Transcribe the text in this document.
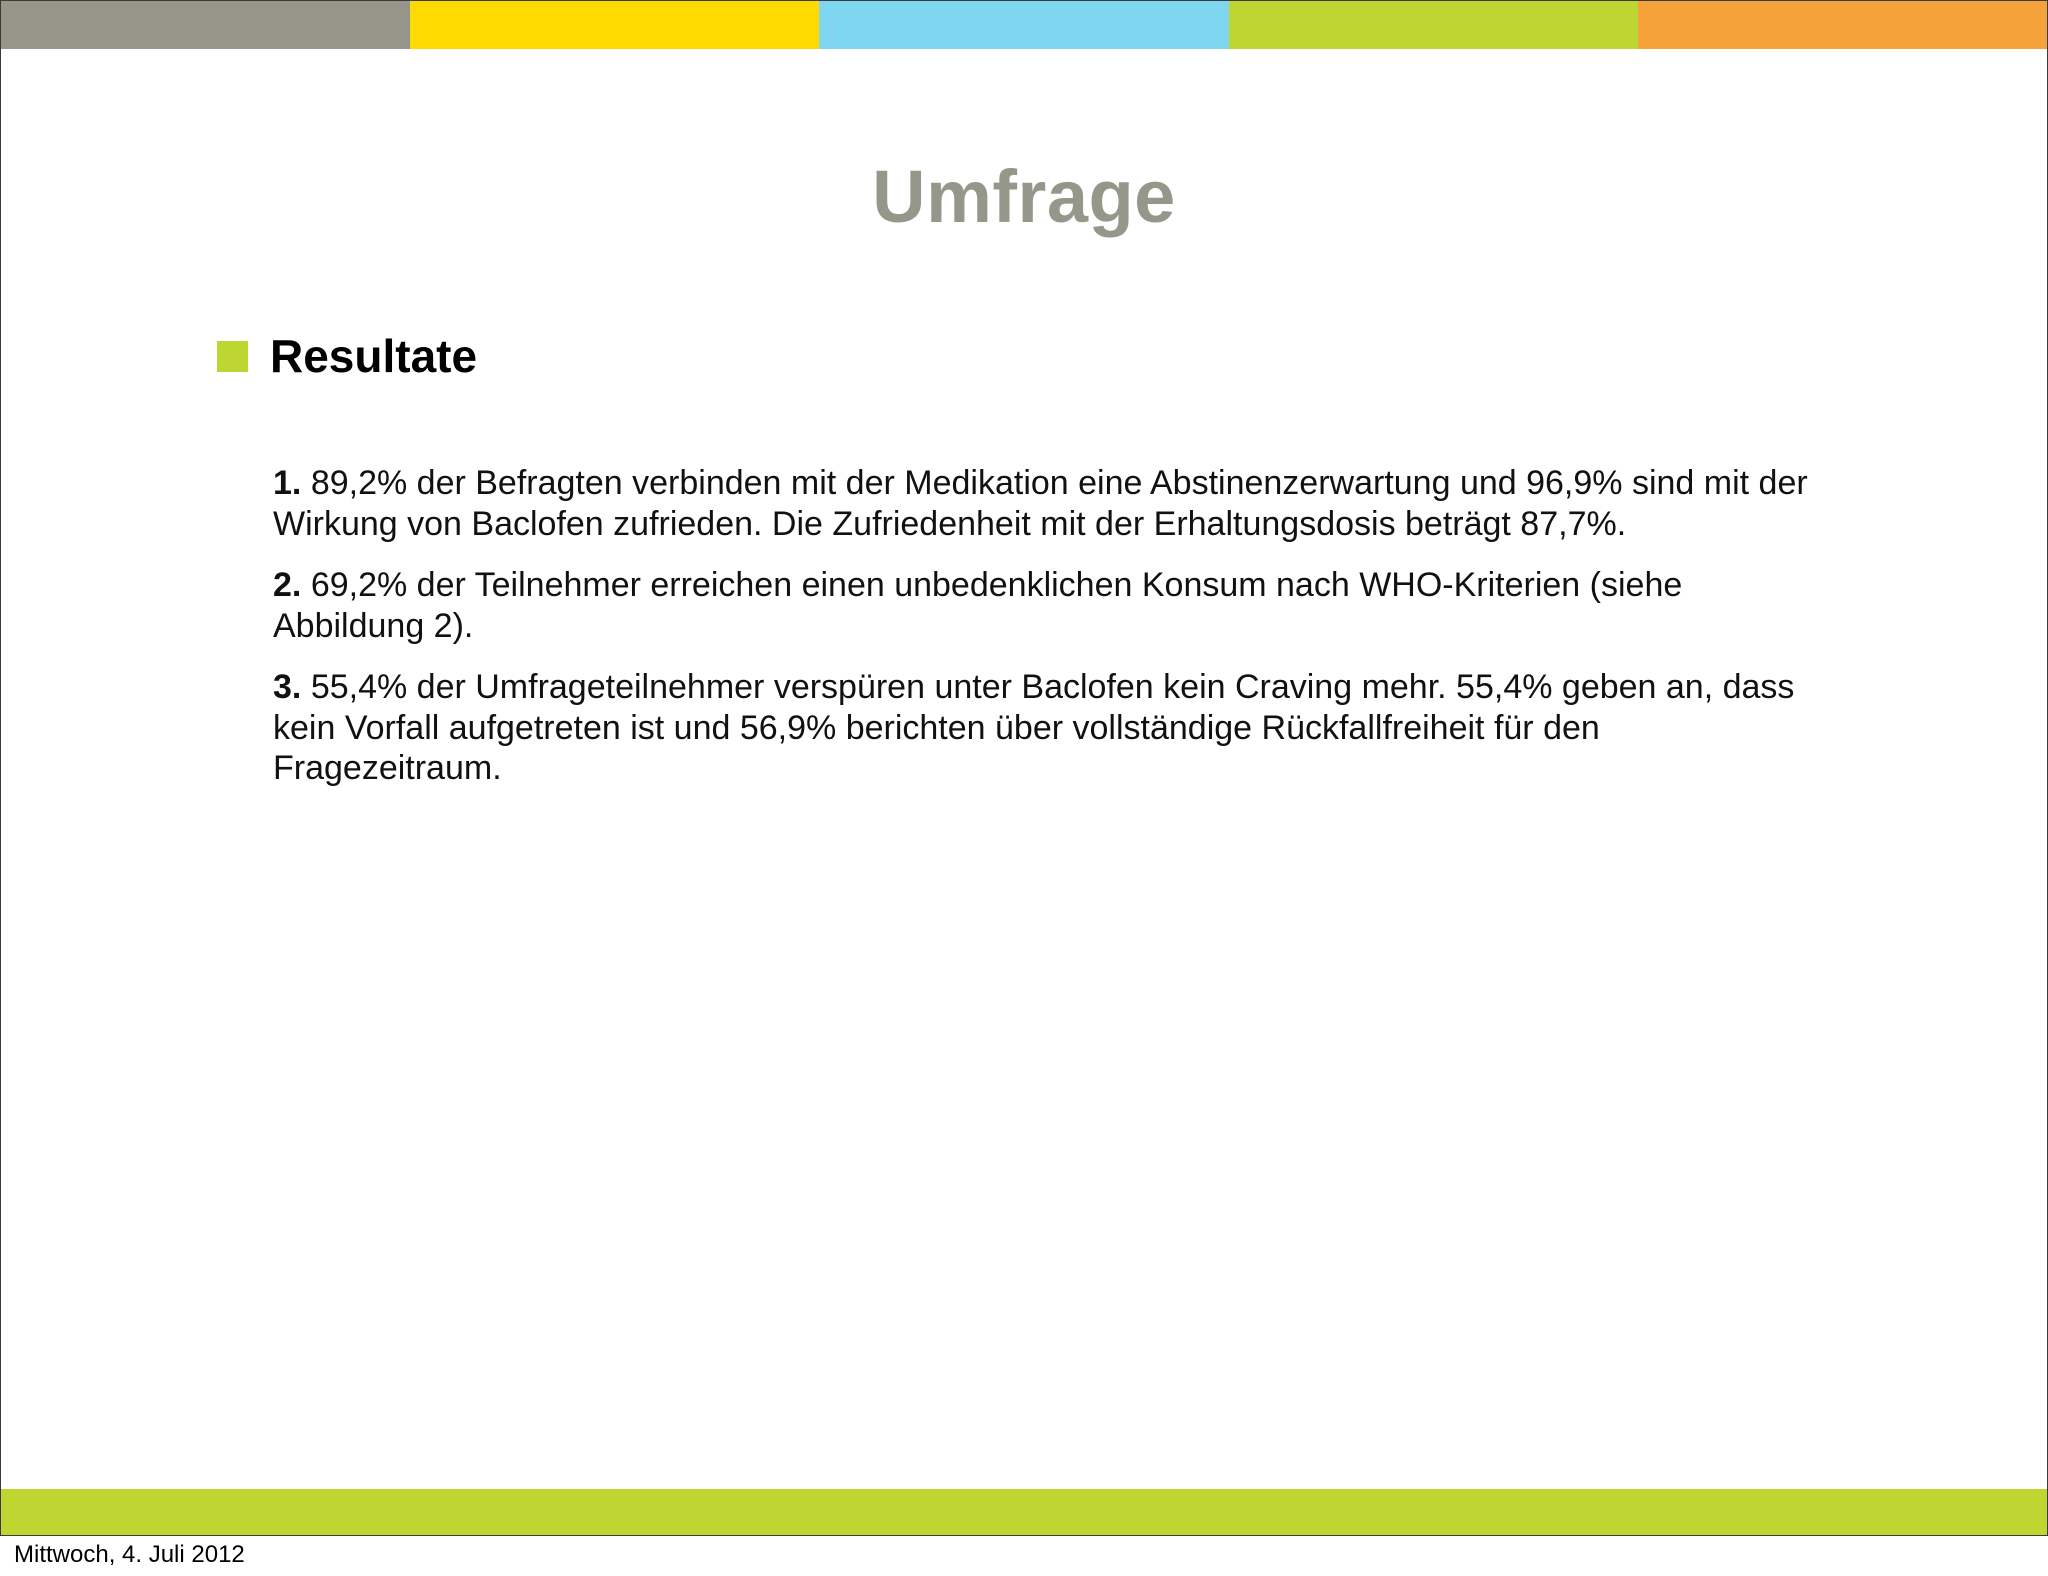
Umfrage
Resultate

1. 89,2% der Befragten verbinden mit der Medikation eine Abstinenzerwartung und 96,9% sind mit der Wirkung von Baclofen zufrieden. Die Zufriedenheit mit der Erhaltungsdosis beträgt 87,7%.

2. 69,2% der Teilnehmer erreichen einen unbedenklichen Konsum nach WHO-Kriterien (siehe Abbildung 2).

3. 55,4% der Umfrageteilnehmer verspüren unter Baclofen kein Craving mehr. 55,4% geben an, dass kein Vorfall aufgetreten ist und 56,9% berichten über vollständige Rückfallfreiheit für den Fragezeitraum.

Mittwoch, 4. Juli 2012
